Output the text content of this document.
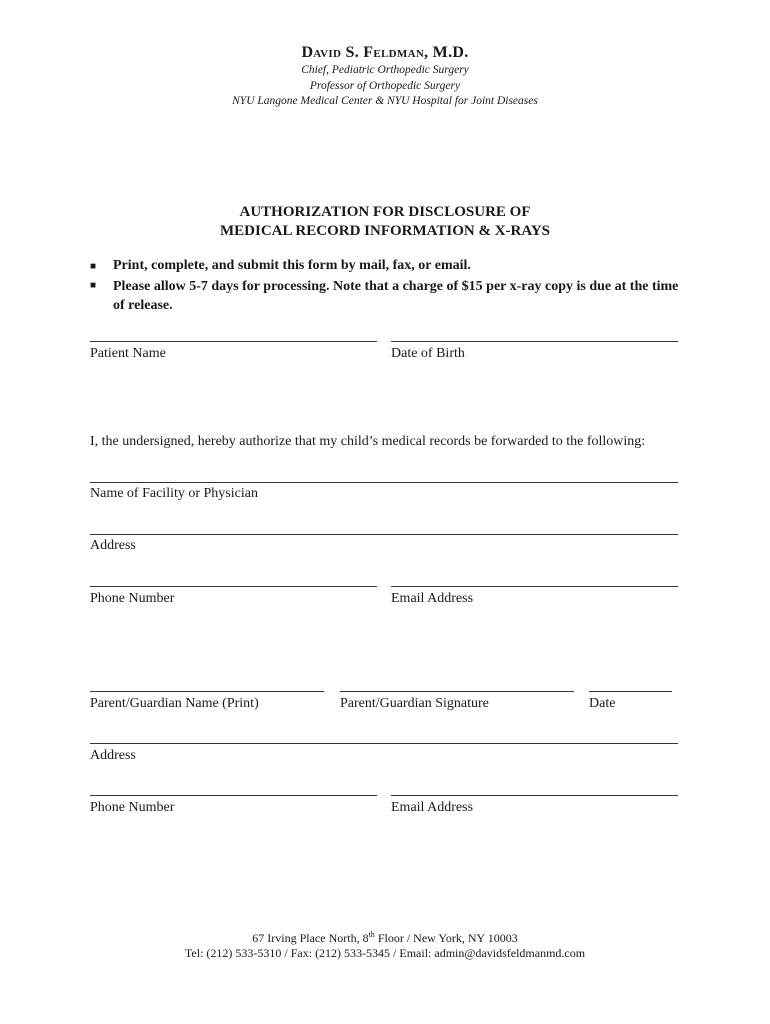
David S. Feldman, M.D.
Chief, Pediatric Orthopedic Surgery
Professor of Orthopedic Surgery
NYU Langone Medical Center & NYU Hospital for Joint Diseases
AUTHORIZATION FOR DISCLOSURE OF
MEDICAL RECORD INFORMATION & X-RAYS
■	Print, complete, and submit this form by mail, fax, or email.
■	Please allow 5-7 days for processing. Note that a charge of $15 per x-ray copy is due at the time of release.
Patient Name	Date of Birth
I, the undersigned, hereby authorize that my child’s medical records be forwarded to the following:
Name of Facility or Physician
Address
Phone Number	Email Address
Parent/Guardian Name (Print)	Parent/Guardian Signature	Date
Address
Phone Number	Email Address
67 Irving Place North, 8th Floor / New York, NY 10003
Tel: (212) 533-5310 / Fax: (212) 533-5345 / Email: admin@davidsfeldmanmd.com
